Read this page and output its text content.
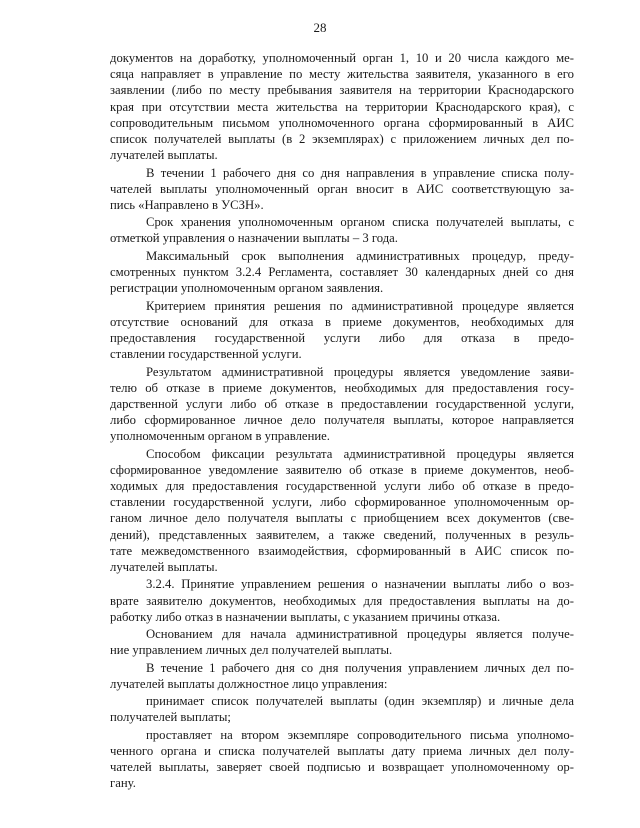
28
документов на доработку, уполномоченный орган 1, 10 и 20 числа каждого ме-
сяца направляет в управление по месту жительства заявителя, указанного в его
заявлении (либо по месту пребывания заявителя на территории Краснодарского
края при отсутствии места жительства на территории Краснодарского края), с
сопроводительным письмом уполномоченного органа сформированный в АИС
список получателей выплаты (в 2 экземплярах) с приложением личных дел по-
лучателей выплаты.
В течении 1 рабочего дня со дня направления в управление списка полу-
чателей выплаты уполномоченный орган вносит в АИС соответствующую за-
пись «Направлено в УСЗН».
Срок хранения уполномоченным органом списка получателей выплаты, с
отметкой управления о назначении выплаты – 3 года.
Максимальный срок выполнения административных процедур, преду-
смотренных пунктом 3.2.4 Регламента, составляет 30 календарных дней со дня
регистрации уполномоченным органом заявления.
Критерием принятия решения по административной процедуре является
отсутствие оснований для отказа в приеме документов, необходимых для
предоставления государственной услуги либо для отказа в предо-
ставлении государственной услуги.
Результатом административной процедуры является уведомление заяви-
телю об отказе в приеме документов, необходимых для предоставления госу-
дарственной услуги либо об отказе в предоставлении государственной услуги,
либо сформированное личное дело получателя выплаты, которое направляется
уполномоченным органом в управление.
Способом фиксации результата административной процедуры является
сформированное уведомление заявителю об отказе в приеме документов, необ-
ходимых для предоставления государственной услуги либо об отказе в предо-
ставлении государственной услуги, либо сформированное уполномоченным ор-
ганом личное дело получателя выплаты с приобщением всех документов (све-
дений), представленных заявителем, а также сведений, полученных в резуль-
тате межведомственного взаимодействия, сформированный в АИС список по-
лучателей выплаты.
3.2.4. Принятие управлением решения о назначении выплаты либо о воз-
врате заявителю документов, необходимых для предоставления выплаты на до-
работку либо отказ в назначении выплаты, с указанием причины отказа.
Основанием для начала административной процедуры является получе-
ние управлением личных дел получателей выплаты.
В течение 1 рабочего дня со дня получения управлением личных дел по-
лучателей выплаты должностное лицо управления:
принимает список получателей выплаты (один экземпляр) и личные дела
получателей выплаты;
проставляет на втором экземпляре сопроводительного письма уполномо-
ченного органа и списка получателей выплаты дату приема личных дел полу-
чателей выплаты, заверяет своей подписью и возвращает уполномоченному ор-
гану.
